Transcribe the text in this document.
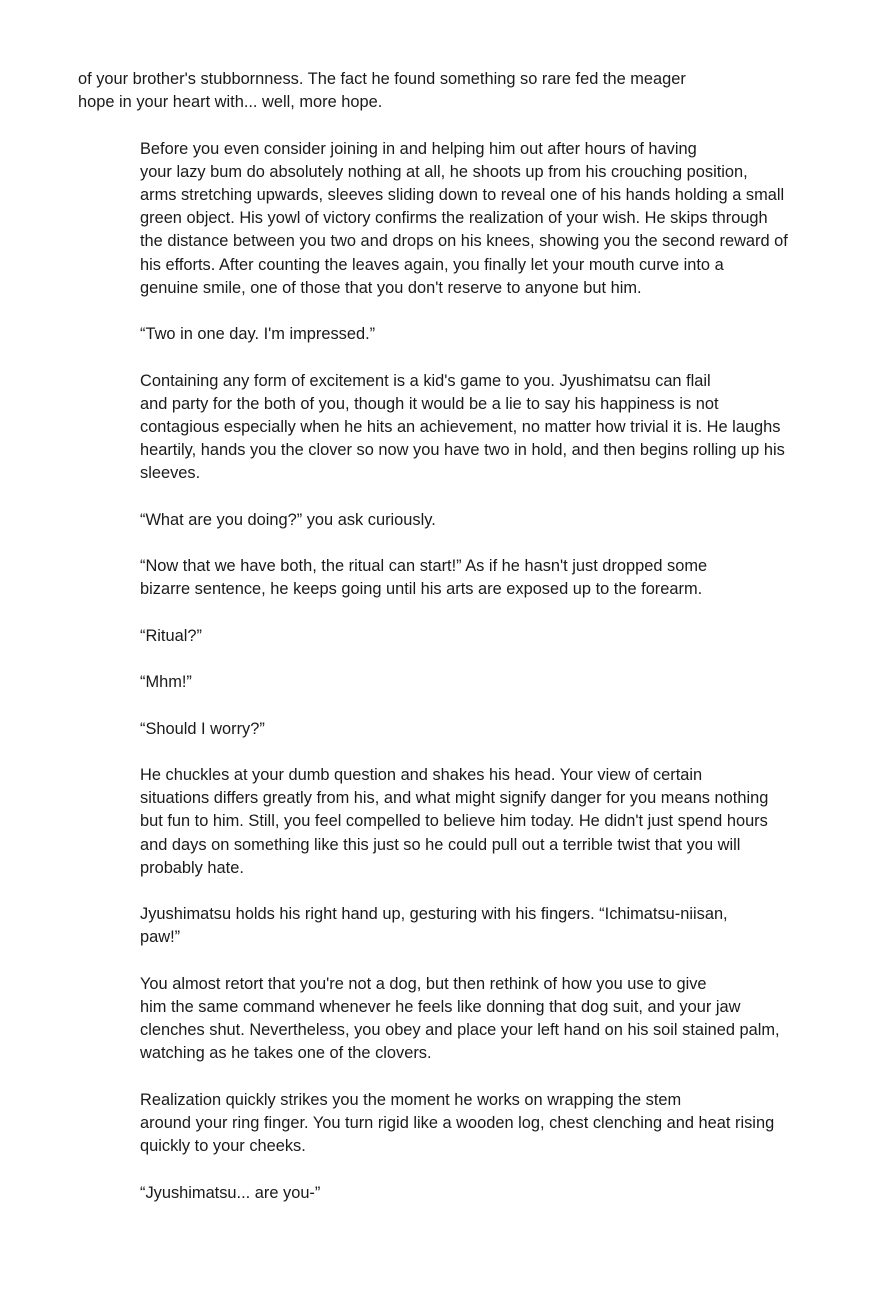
of your brother's stubbornness. The fact he found something so rare fed the meager
hope in your heart with... well, more hope.
Before you even consider joining in and helping him out after hours of having
your lazy bum do absolutely nothing at all, he shoots up from his crouching position,
arms stretching upwards, sleeves sliding down to reveal one of his hands holding a small
green object. His yowl of victory confirms the realization of your wish. He skips through
the distance between you two and drops on his knees, showing you the second reward of
his efforts. After counting the leaves again, you finally let your mouth curve into a
genuine smile, one of those that you don't reserve to anyone but him.
“Two in one day. I'm impressed.”
Containing any form of excitement is a kid's game to you. Jyushimatsu can flail
and party for the both of you, though it would be a lie to say his happiness is not
contagious especially when he hits an achievement, no matter how trivial it is. He laughs
heartily, hands you the clover so now you have two in hold, and then begins rolling up his
sleeves.
“What are you doing?” you ask curiously.
“Now that we have both, the ritual can start!” As if he hasn't just dropped some
bizarre sentence, he keeps going until his arts are exposed up to the forearm.
“Ritual?”
“Mhm!”
“Should I worry?”
He chuckles at your dumb question and shakes his head. Your view of certain
situations differs greatly from his, and what might signify danger for you means nothing
but fun to him. Still, you feel compelled to believe him today. He didn't just spend hours
and days on something like this just so he could pull out a terrible twist that you will
probably hate.
Jyushimatsu holds his right hand up, gesturing with his fingers. “Ichimatsu-niisan,
paw!”
You almost retort that you're not a dog, but then rethink of how you use to give
him the same command whenever he feels like donning that dog suit, and your jaw
clenches shut. Nevertheless, you obey and place your left hand on his soil stained palm,
watching as he takes one of the clovers.
Realization quickly strikes you the moment he works on wrapping the stem
around your ring finger. You turn rigid like a wooden log, chest clenching and heat rising
quickly to your cheeks.
“Jyushimatsu... are you-”
